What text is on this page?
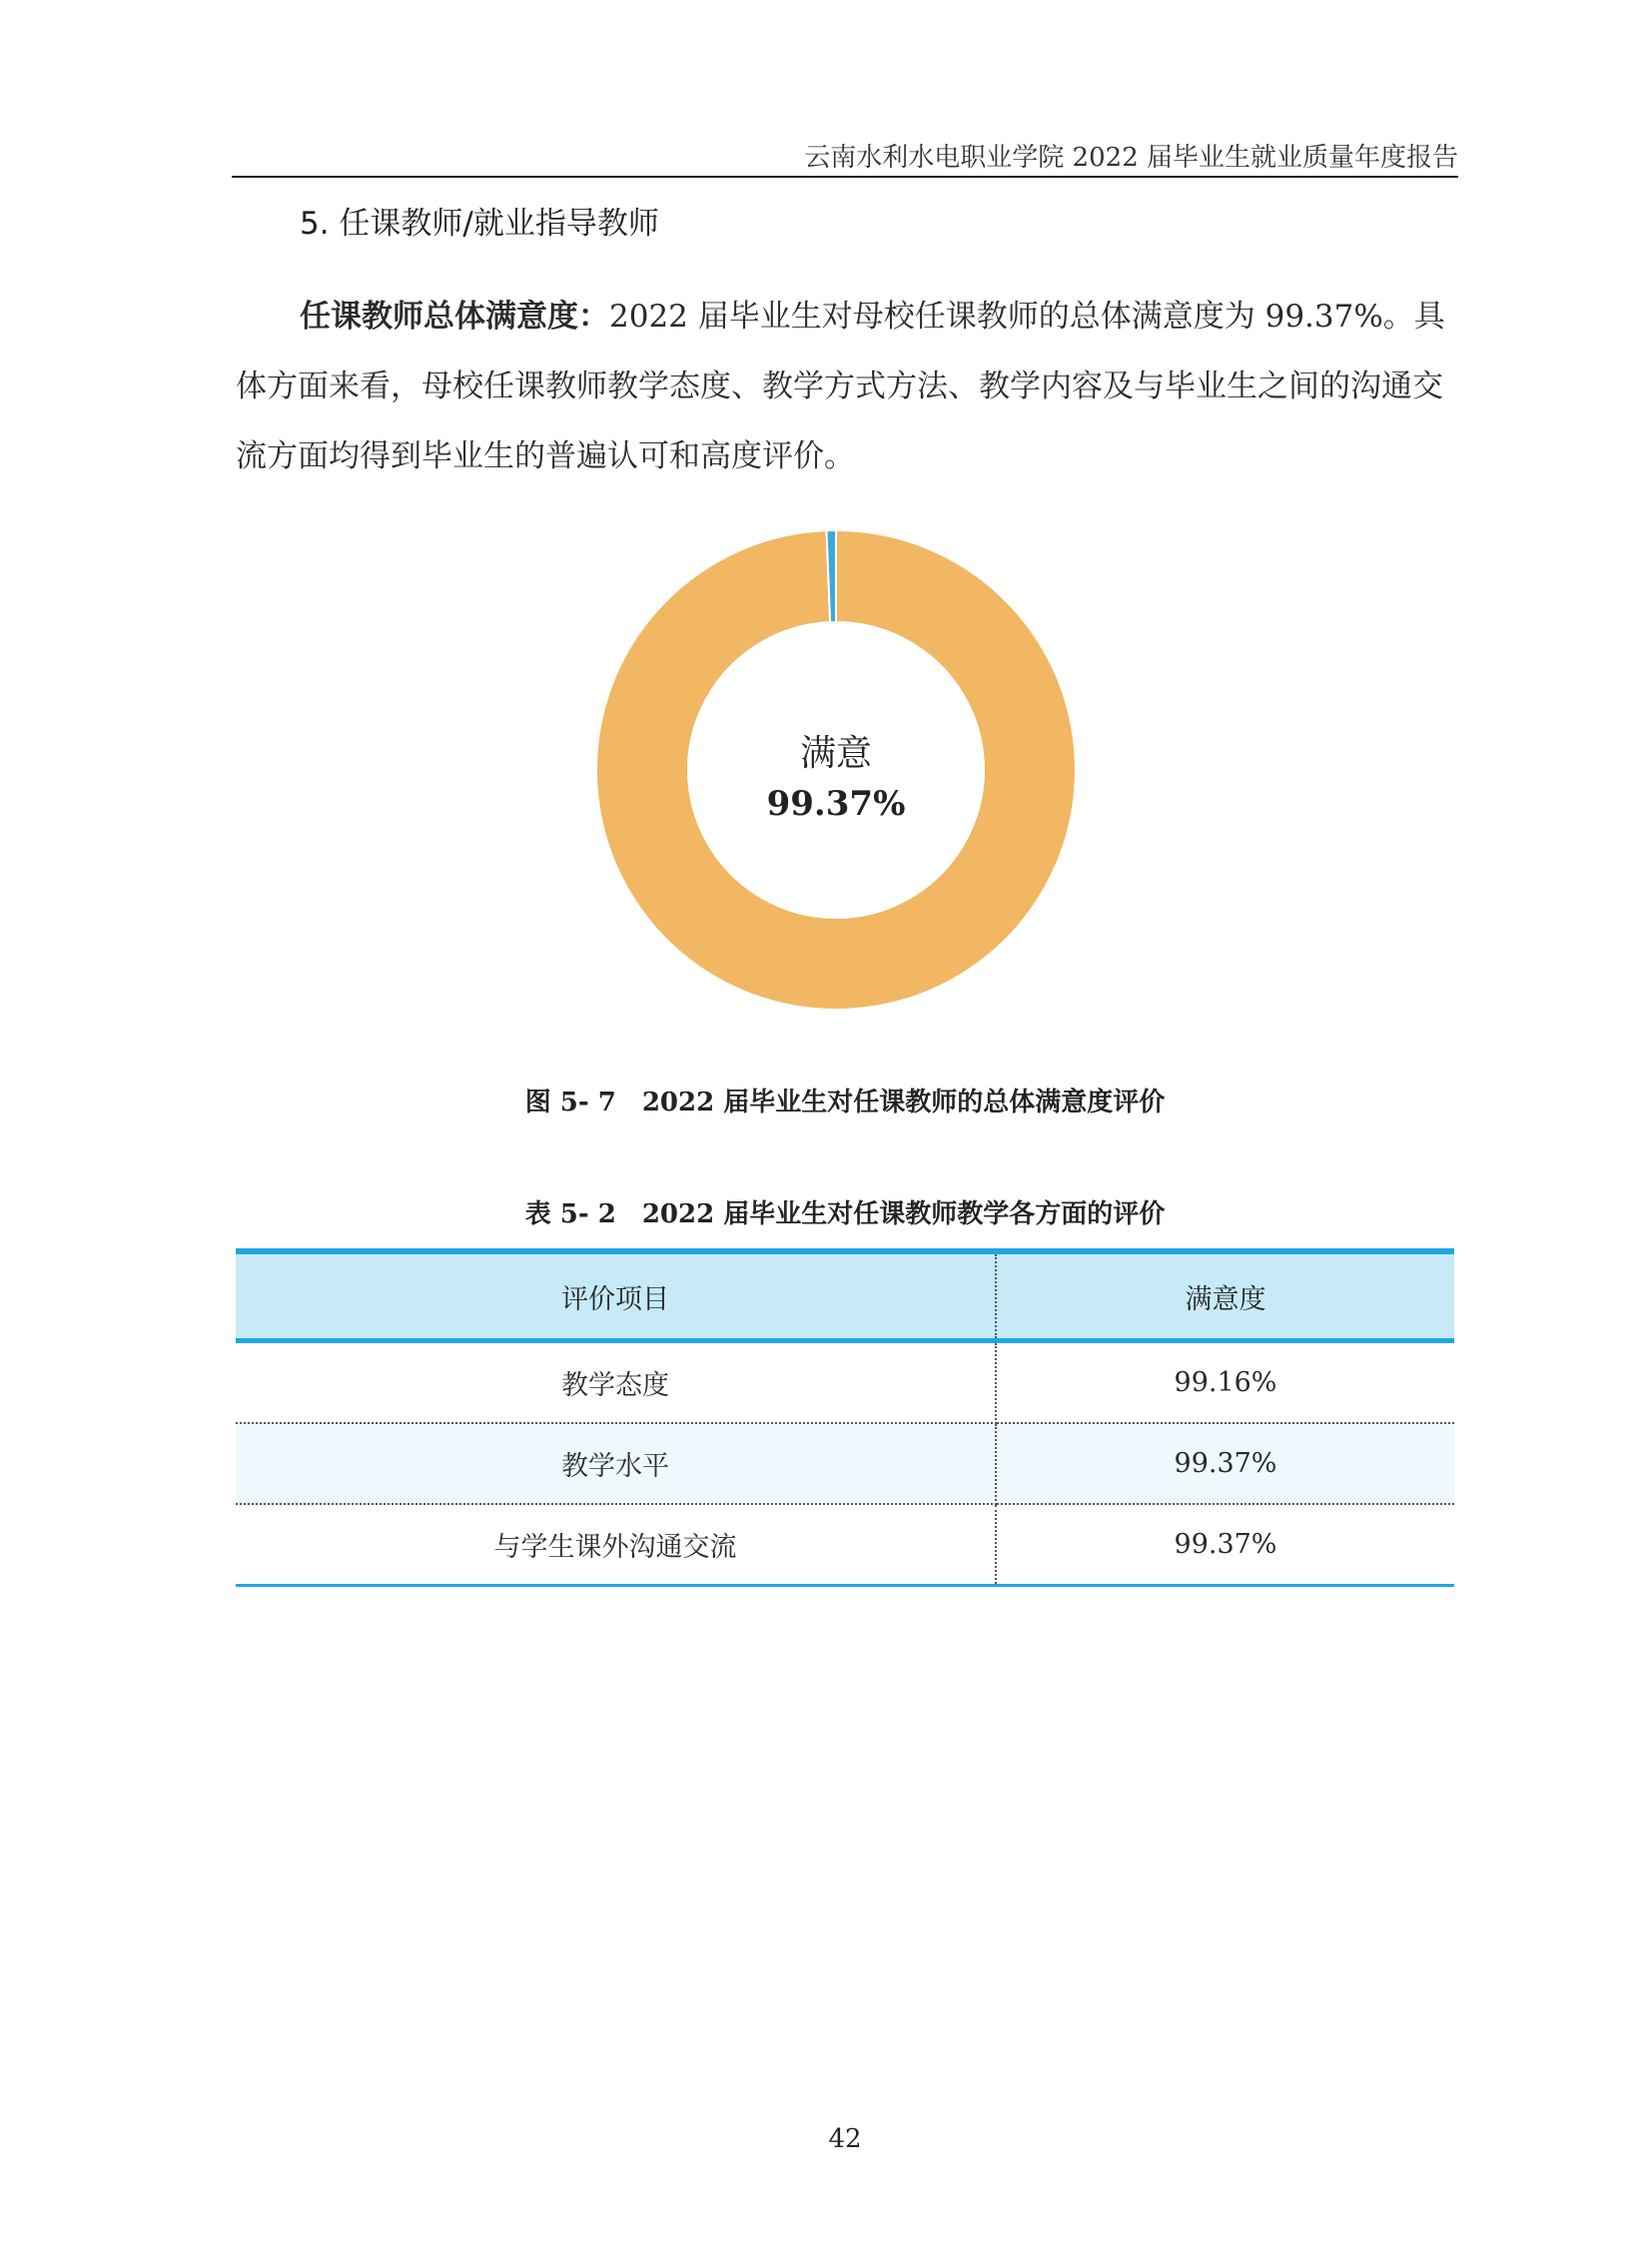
云南水利水电职业学院 2022 届毕业生就业质量年度报告
5. 任课教师/就业指导教师
任课教师总体满意度：2022 届毕业生对母校任课教师的总体满意度为 99.37%。具体方面来看，母校任课教师教学态度、教学方式方法、教学内容及与毕业生之间的沟通交流方面均得到毕业生的普遍认可和高度评价。
满意
99.37%
图 5- 7　2022 届毕业生对任课教师的总体满意度评价
表 5- 2　2022 届毕业生对任课教师教学各方面的评价
评价项目	满意度
教学态度	99.16%
教学水平	99.37%
与学生课外沟通交流	99.37%
42
